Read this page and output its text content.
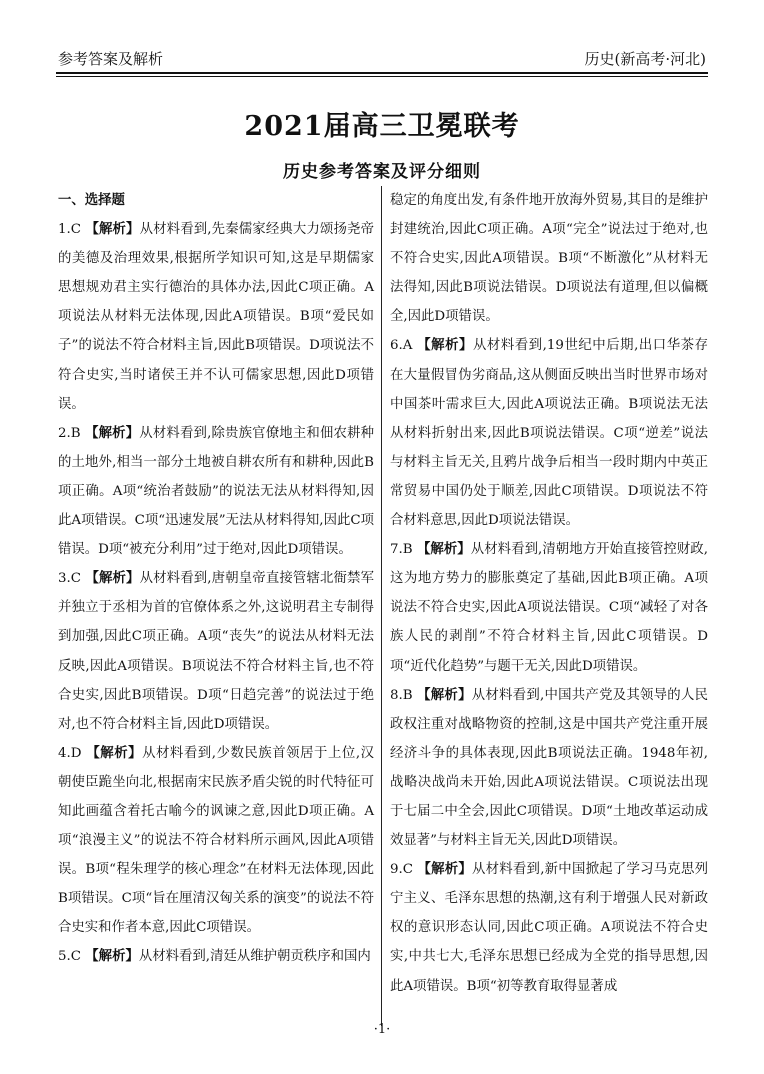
参考答案及解析	历史(新高考·河北)
2021届高三卫冕联考
历史参考答案及评分细则

一、选择题

1.C 【解析】从材料看到,先秦儒家经典大力颂扬尧帝的美德及治理效果,根据所学知识可知,这是早期儒家思想规劝君主实行德治的具体办法,因此C项正确。A项说法从材料无法体现,因此A项错误。B项“爱民如子”的说法不符合材料主旨,因此B项错误。D项说法不符合史实,当时诸侯王并不认可儒家思想,因此D项错误。

2.B 【解析】从材料看到,除贵族官僚地主和佃农耕种的土地外,相当一部分土地被自耕农所有和耕种,因此B项正确。A项“统治者鼓励”的说法无法从材料得知,因此A项错误。C项“迅速发展”无法从材料得知,因此C项错误。D项“被充分利用”过于绝对,因此D项错误。

3.C 【解析】从材料看到,唐朝皇帝直接管辖北衙禁军并独立于丞相为首的官僚体系之外,这说明君主专制得到加强,因此C项正确。A项“丧失”的说法从材料无法反映,因此A项错误。B项说法不符合材料主旨,也不符合史实,因此B项错误。D项“日趋完善”的说法过于绝对,也不符合材料主旨,因此D项错误。

4.D 【解析】从材料看到,少数民族首领居于上位,汉朝使臣跪坐向北,根据南宋民族矛盾尖锐的时代特征可知此画蕴含着托古喻今的讽谏之意,因此D项正确。A项“浪漫主义”的说法不符合材料所示画风,因此A项错误。B项“程朱理学的核心理念”在材料无法体现,因此B项错误。C项“旨在厘清汉匈关系的演变”的说法不符合史实和作者本意,因此C项错误。

5.C 【解析】从材料看到,清廷从维护朝贡秩序和国内

稳定的角度出发,有条件地开放海外贸易,其目的是维护封建统治,因此C项正确。A项“完全”说法过于绝对,也不符合史实,因此A项错误。B项“不断激化”从材料无法得知,因此B项说法错误。D项说法有道理,但以偏概全,因此D项错误。

6.A 【解析】从材料看到,19世纪中后期,出口华茶存在大量假冒伪劣商品,这从侧面反映出当时世界市场对中国茶叶需求巨大,因此A项说法正确。B项说法无法从材料折射出来,因此B项说法错误。C项“逆差”说法与材料主旨无关,且鸦片战争后相当一段时期内中英正常贸易中国仍处于顺差,因此C项错误。D项说法不符合材料意思,因此D项说法错误。

7.B 【解析】从材料看到,清朝地方开始直接管控财政,这为地方势力的膨胀奠定了基础,因此B项正确。A项说法不符合史实,因此A项说法错误。C项“减轻了对各族人民的剥削”不符合材料主旨,因此C项错误。D项“近代化趋势”与题干无关,因此D项错误。

8.B 【解析】从材料看到,中国共产党及其领导的人民政权注重对战略物资的控制,这是中国共产党注重开展经济斗争的具体表现,因此B项说法正确。1948年初,战略决战尚未开始,因此A项说法错误。C项说法出现于七届二中全会,因此C项错误。D项“土地改革运动成效显著”与材料主旨无关,因此D项错误。

9.C 【解析】从材料看到,新中国掀起了学习马克思列宁主义、毛泽东思想的热潮,这有利于增强人民对新政权的意识形态认同,因此C项正确。A项说法不符合史实,中共七大,毛泽东思想已经成为全党的指导思想,因此A项错误。B项“初等教育取得显著成

·1·
